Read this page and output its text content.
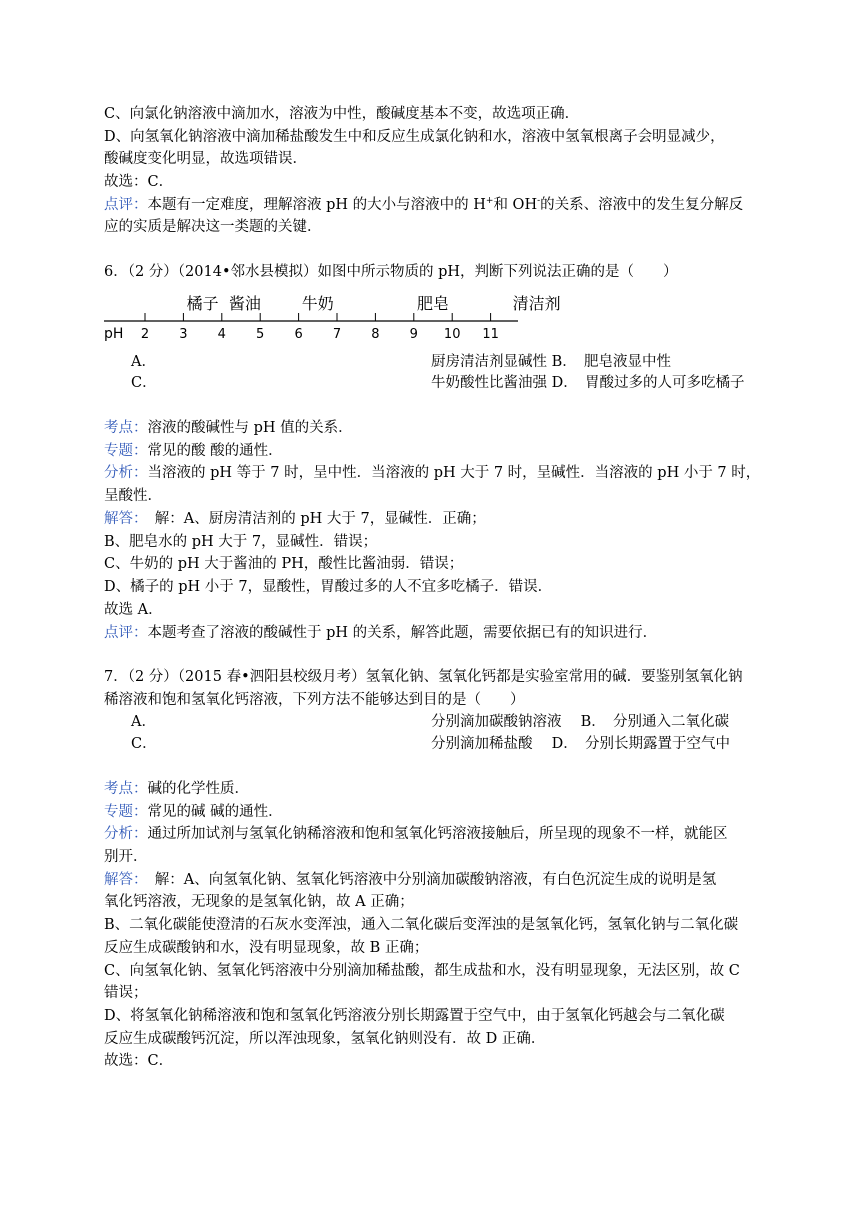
C、向氯化钠溶液中滴加水，溶液为中性，酸碱度基本不变，故选项正确．
D、向氢氧化钠溶液中滴加稀盐酸发生中和反应生成氯化钠和水，溶液中氢氧根离子会明显减少，
酸碱度变化明显，故选项错误．
故选：C．
点评：本题有一定难度，理解溶液 pH 的大小与溶液中的 H+和 OH-的关系、溶液中的发生复分解反
应的实质是解决这一类题的关键．
6．（2 分）（2014•邻水县模拟）如图中所示物质的 pH，判断下列说法正确的是（　　）
2 3 4 5 6 7 8 9 10 11
橘子 酱油	牛奶	肥皂	清洁剂
pH
A．	厨房清洁剂显碱性 B．　肥皂液显中性
C．	牛奶酸性比酱油强 D．　胃酸过多的人可多吃橘子
考点：溶液的酸碱性与 pH 值的关系．
专题：常见的酸 酸的通性．
分析：当溶液的 pH 等于 7 时，呈中性．当溶液的 pH 大于 7 时，呈碱性．当溶液的 pH 小于 7 时，
呈酸性．
解答：　解：A、厨房清洁剂的 pH 大于 7，显碱性．正确；
B、肥皂水的 pH 大于 7，显碱性．错误；
C、牛奶的 pH 大于酱油的 PH，酸性比酱油弱．错误；
D、橘子的 pH 小于 7，显酸性，胃酸过多的人不宜多吃橘子．错误．
故选 A．
点评：本题考查了溶液的酸碱性于 pH 的关系，解答此题，需要依据已有的知识进行．
7．（2 分）（2015 春•泗阳县校级月考）氢氧化钠、氢氧化钙都是实验室常用的碱．要鉴别氢氧化钠
稀溶液和饱和氢氧化钙溶液，下列方法不能够达到目的是（　　）
A．	分别滴加碳酸钠溶液　 B．　分别通入二氧化碳
C．	分别滴加稀盐酸　 D．　分别长期露置于空气中
考点：碱的化学性质．
专题：常见的碱 碱的通性．
分析：通过所加试剂与氢氧化钠稀溶液和饱和氢氧化钙溶液接触后，所呈现的现象不一样，就能区
别开．
解答：　解：A、向氢氧化钠、氢氧化钙溶液中分别滴加碳酸钠溶液，有白色沉淀生成的说明是氢
氧化钙溶液，无现象的是氢氧化钠，故 A 正确；
B、二氧化碳能使澄清的石灰水变浑浊，通入二氧化碳后变浑浊的是氢氧化钙，氢氧化钠与二氧化碳
反应生成碳酸钠和水，没有明显现象，故 B 正确；
C、向氢氧化钠、氢氧化钙溶液中分别滴加稀盐酸，都生成盐和水，没有明显现象，无法区别，故 C
错误；
D、将氢氧化钠稀溶液和饱和氢氧化钙溶液分别长期露置于空气中，由于氢氧化钙越会与二氧化碳
反应生成碳酸钙沉淀，所以浑浊现象，氢氧化钠则没有．故 D 正确．
故选：C．
